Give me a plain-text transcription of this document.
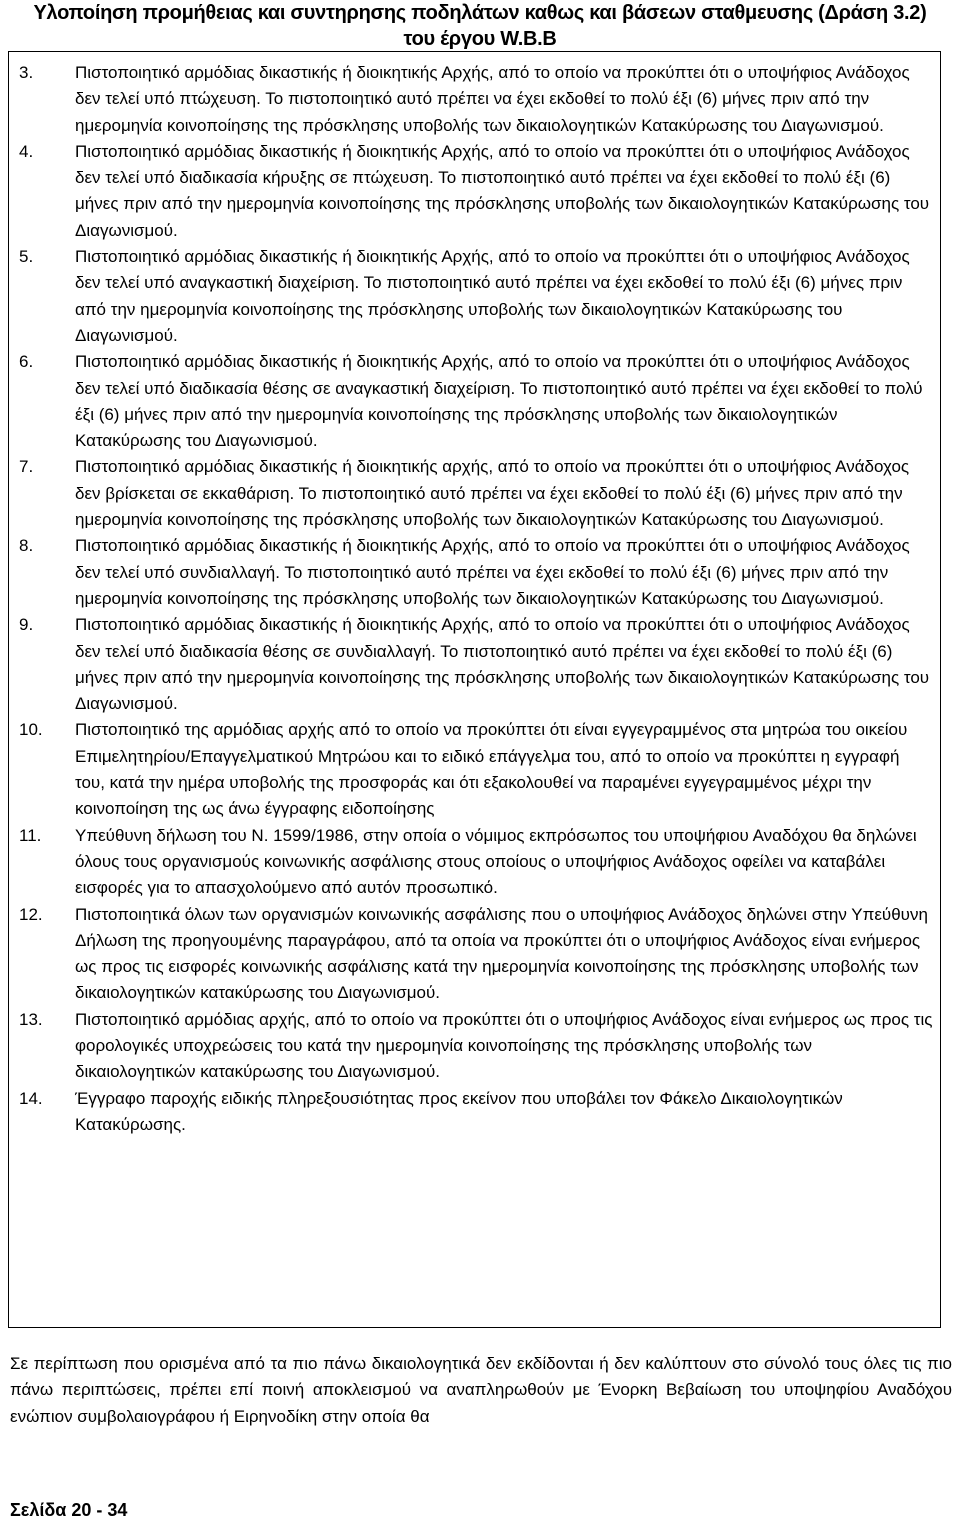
Υλοποίηση προμήθειας και συντηρησης ποδηλάτων καθως και βάσεων σταθμευσης (Δράση 3.2)
του έργου W.B.B
3. Πιστοποιητικό αρμόδιας δικαστικής ή διοικητικής Αρχής, από το οποίο να προκύπτει ότι ο υποψήφιος Ανάδοχος δεν τελεί υπό πτώχευση. Το πιστοποιητικό αυτό πρέπει να έχει εκδοθεί το πολύ έξι (6) μήνες πριν από την ημερομηνία κοινοποίησης της πρόσκλησης υποβολής των δικαιολογητικών Κατακύρωσης του Διαγωνισμού.
4. Πιστοποιητικό αρμόδιας δικαστικής ή διοικητικής Αρχής, από το οποίο να προκύπτει ότι ο υποψήφιος Ανάδοχος δεν τελεί υπό διαδικασία κήρυξης σε πτώχευση. Το πιστοποιητικό αυτό πρέπει να έχει εκδοθεί το πολύ έξι (6) μήνες πριν από την ημερομηνία κοινοποίησης της πρόσκλησης υποβολής των δικαιολογητικών Κατακύρωσης του Διαγωνισμού.
5. Πιστοποιητικό αρμόδιας δικαστικής ή διοικητικής Αρχής, από το οποίο να προκύπτει ότι ο υποψήφιος Ανάδοχος δεν τελεί υπό αναγκαστική διαχείριση. Το πιστοποιητικό αυτό πρέπει να έχει εκδοθεί το πολύ έξι (6) μήνες πριν από την ημερομηνία κοινοποίησης της πρόσκλησης υποβολής των δικαιολογητικών Κατακύρωσης του Διαγωνισμού.
6. Πιστοποιητικό αρμόδιας δικαστικής ή διοικητικής Αρχής, από το οποίο να προκύπτει ότι ο υποψήφιος Ανάδοχος δεν τελεί υπό διαδικασία θέσης σε αναγκαστική διαχείριση. Το πιστοποιητικό αυτό πρέπει να έχει εκδοθεί το πολύ έξι (6) μήνες πριν από την ημερομηνία κοινοποίησης της πρόσκλησης υποβολής των δικαιολογητικών Κατακύρωσης του Διαγωνισμού.
7. Πιστοποιητικό αρμόδιας δικαστικής ή διοικητικής αρχής, από το οποίο να προκύπτει ότι ο υποψήφιος Ανάδοχος δεν βρίσκεται σε εκκαθάριση. Το πιστοποιητικό αυτό πρέπει να έχει εκδοθεί το πολύ έξι (6) μήνες πριν από την ημερομηνία κοινοποίησης της πρόσκλησης υποβολής των δικαιολογητικών Κατακύρωσης του Διαγωνισμού.
8. Πιστοποιητικό αρμόδιας δικαστικής ή διοικητικής Αρχής, από το οποίο να προκύπτει ότι ο υποψήφιος Ανάδοχος δεν τελεί υπό συνδιαλλαγή. Το πιστοποιητικό αυτό πρέπει να έχει εκδοθεί το πολύ έξι (6) μήνες πριν από την ημερομηνία κοινοποίησης της πρόσκλησης υποβολής των δικαιολογητικών Κατακύρωσης του Διαγωνισμού.
9. Πιστοποιητικό αρμόδιας δικαστικής ή διοικητικής Αρχής, από το οποίο να προκύπτει ότι ο υποψήφιος Ανάδοχος δεν τελεί υπό διαδικασία θέσης σε συνδιαλλαγή. Το πιστοποιητικό αυτό πρέπει να έχει εκδοθεί το πολύ έξι (6) μήνες πριν από την ημερομηνία κοινοποίησης της πρόσκλησης υποβολής των δικαιολογητικών Κατακύρωσης του Διαγωνισμού.
10. Πιστοποιητικό της αρμόδιας αρχής από το οποίο να προκύπτει ότι είναι εγγεγραμμένος στα μητρώα του οικείου Επιμελητηρίου/Επαγγελματικού Μητρώου και το ειδικό επάγγελμα του, από το οποίο να προκύπτει η εγγραφή του, κατά την ημέρα υποβολής της προσφοράς και ότι εξακολουθεί να παραμένει εγγεγραμμένος μέχρι την κοινοποίηση της ως άνω έγγραφης ειδοποίησης
11. Υπεύθυνη δήλωση του Ν. 1599/1986, στην οποία ο νόμιμος εκπρόσωπος του υποψήφιου Αναδόχου θα δηλώνει όλους τους οργανισμούς κοινωνικής ασφάλισης στους οποίους ο υποψήφιος Ανάδοχος οφείλει να καταβάλει εισφορές για το απασχολούμενο από αυτόν προσωπικό.
12. Πιστοποιητικά όλων των οργανισμών κοινωνικής ασφάλισης που ο υποψήφιος Ανάδοχος δηλώνει στην Υπεύθυνη Δήλωση της προηγουμένης παραγράφου, από τα οποία να προκύπτει ότι ο υποψήφιος Ανάδοχος είναι ενήμερος ως προς τις εισφορές κοινωνικής ασφάλισης κατά την ημερομηνία κοινοποίησης της πρόσκλησης υποβολής των δικαιολογητικών κατακύρωσης του Διαγωνισμού.
13. Πιστοποιητικό αρμόδιας αρχής, από το οποίο να προκύπτει ότι ο υποψήφιος Ανάδοχος είναι ενήμερος ως προς τις φορολογικές υποχρεώσεις του κατά την ημερομηνία κοινοποίησης της πρόσκλησης υποβολής των δικαιολογητικών κατακύρωσης του Διαγωνισμού.
14. Έγγραφο παροχής ειδικής πληρεξουσιότητας προς εκείνον που υποβάλει τον Φάκελο Δικαιολογητικών Κατακύρωσης.

Σε περίπτωση που ορισμένα από τα πιο πάνω δικαιολογητικά δεν εκδίδονται ή δεν καλύπτουν στο σύνολό τους όλες τις πιο πάνω περιπτώσεις, πρέπει επί ποινή αποκλεισμού να αναπληρωθούν με Ένορκη Βεβαίωση του υποψηφίου Αναδόχου ενώπιον συμβολαιογράφου ή Ειρηνοδίκη στην οποία θα

Σελίδα 20 - 34
